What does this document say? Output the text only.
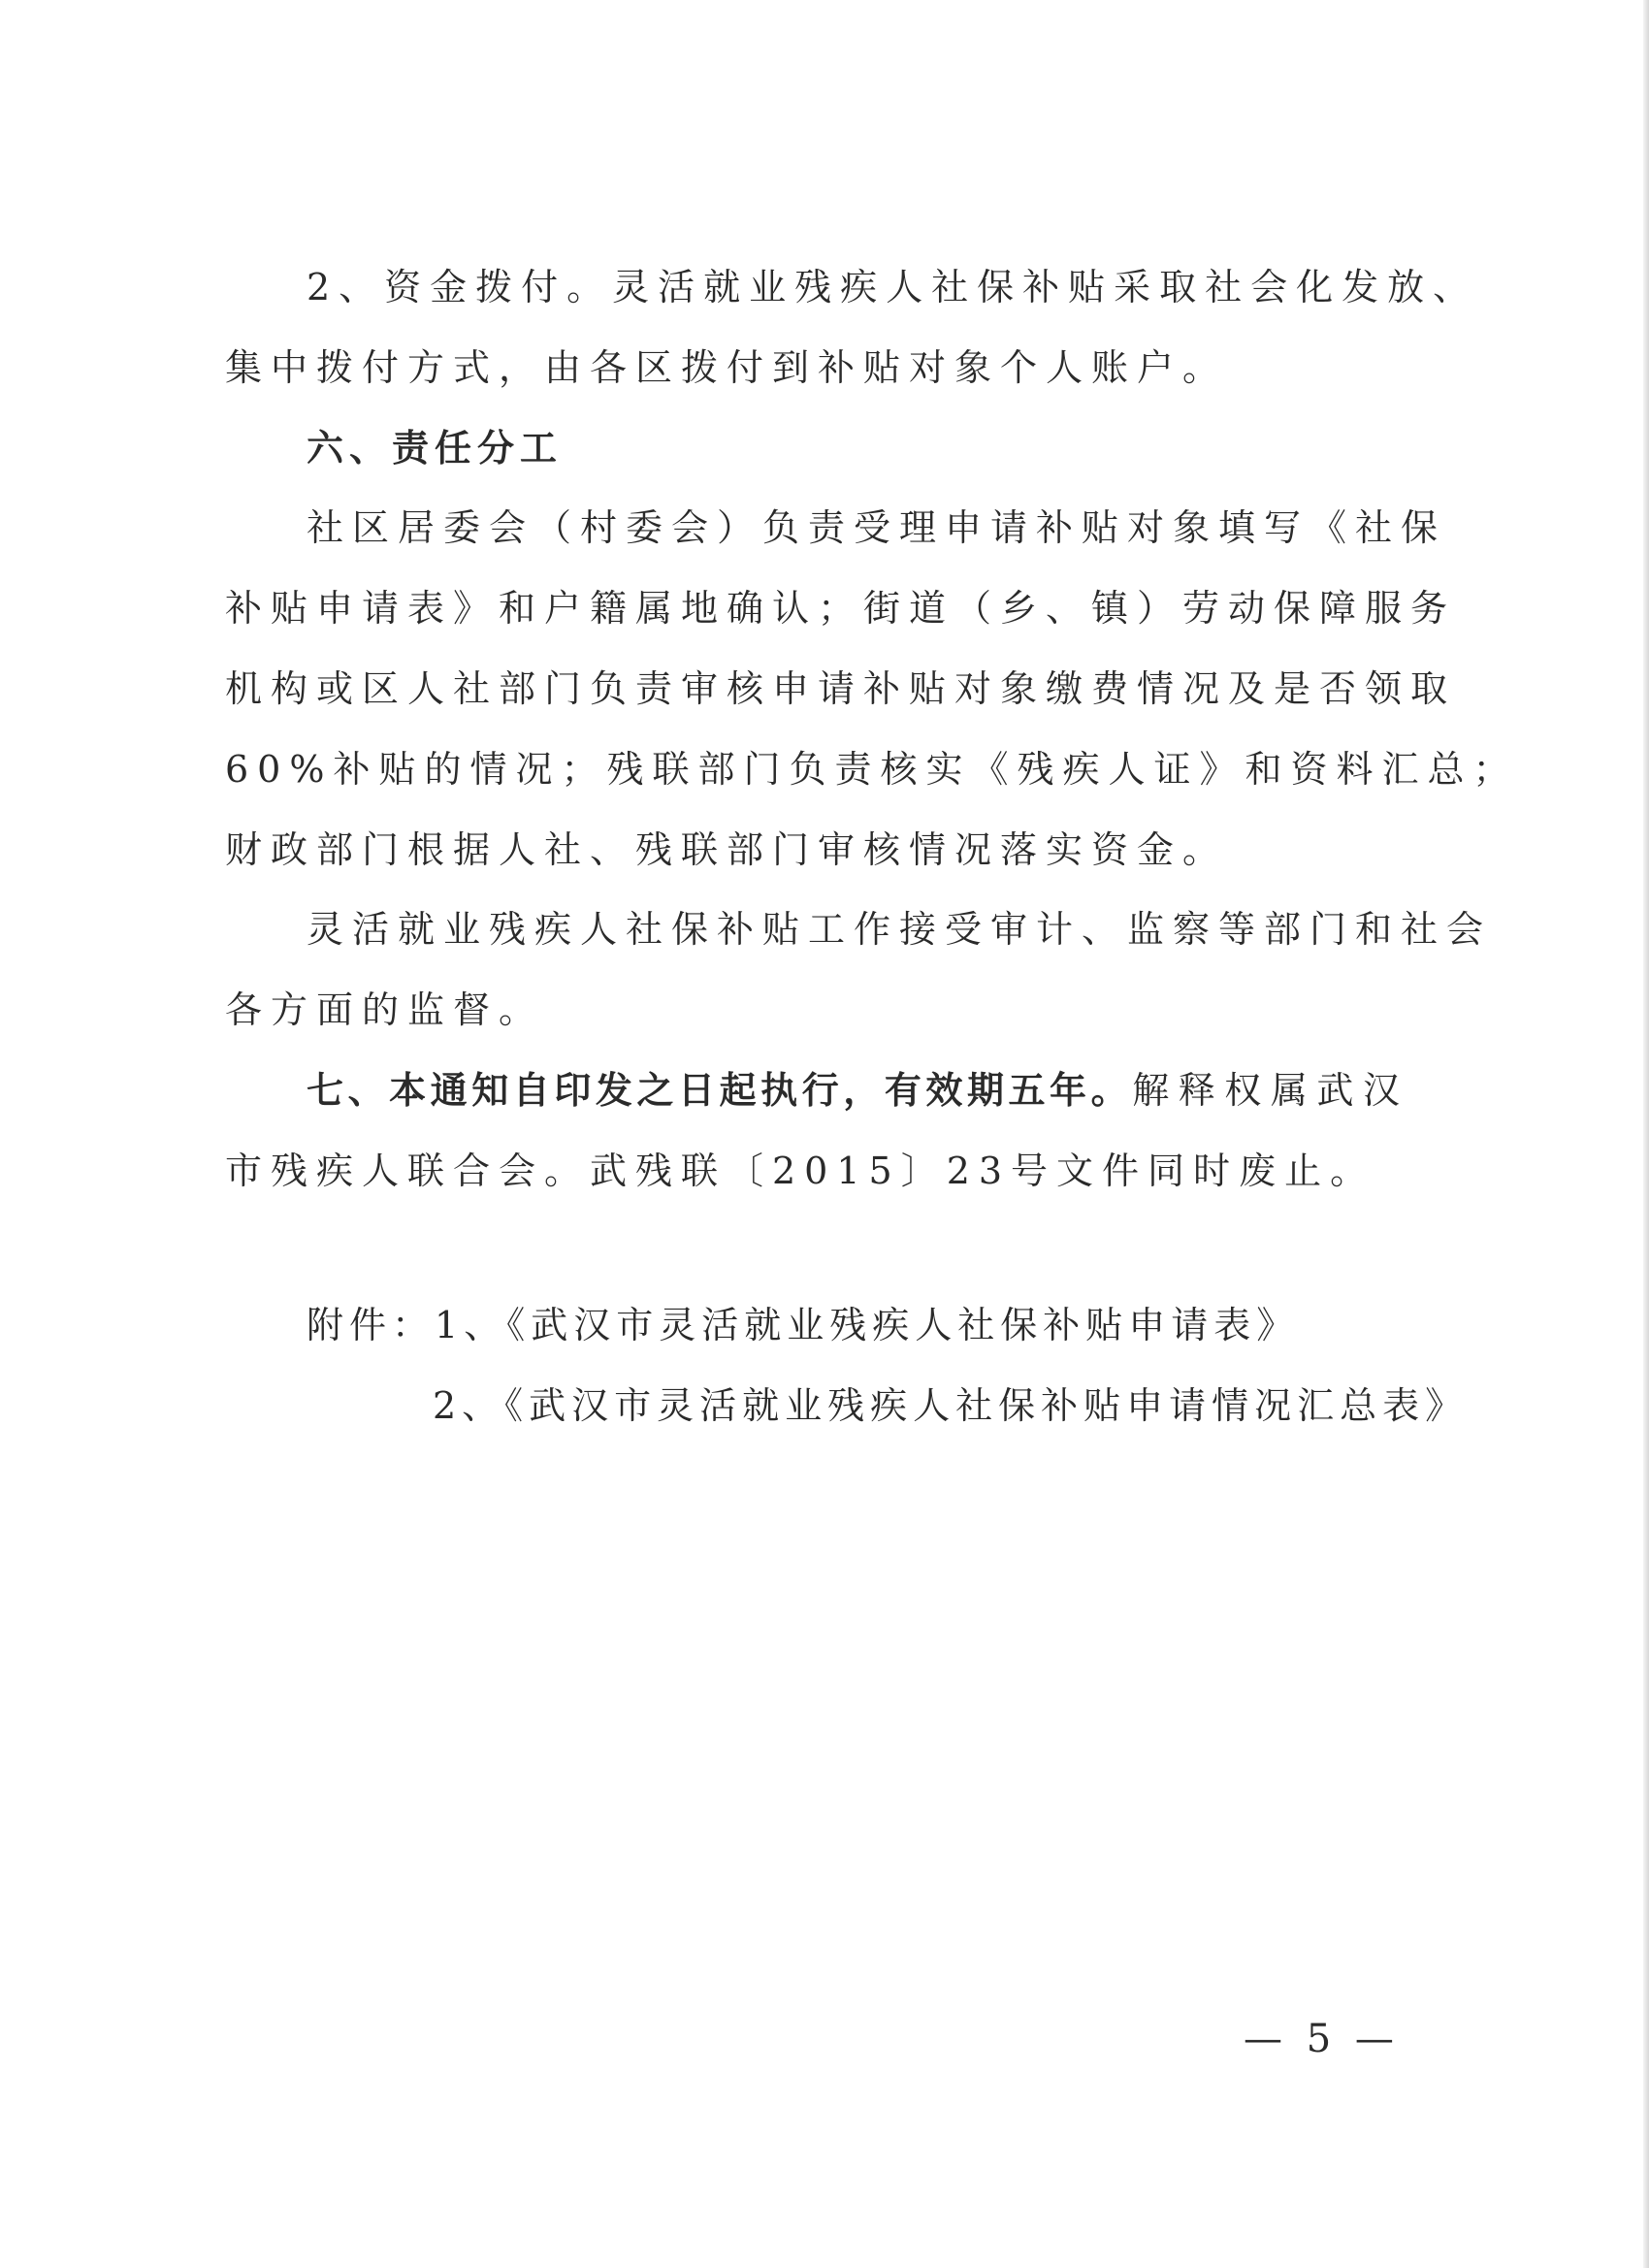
2、资金拨付。灵活就业残疾人社保补贴采取社会化发放、
集中拨付方式，由各区拨付到补贴对象个人账户。
六、责任分工
社区居委会（村委会）负责受理申请补贴对象填写《社保
补贴申请表》和户籍属地确认；街道（乡、镇）劳动保障服务
机构或区人社部门负责审核申请补贴对象缴费情况及是否领取
60%补贴的情况；残联部门负责核实《残疾人证》和资料汇总；
财政部门根据人社、残联部门审核情况落实资金。
灵活就业残疾人社保补贴工作接受审计、监察等部门和社会
各方面的监督。
七、本通知自印发之日起执行，有效期五年。解释权属武汉
市残疾人联合会。武残联〔2015〕23号文件同时废止。
附件：1、《武汉市灵活就业残疾人社保补贴申请表》
2、《武汉市灵活就业残疾人社保补贴申请情况汇总表》
— 5 —
